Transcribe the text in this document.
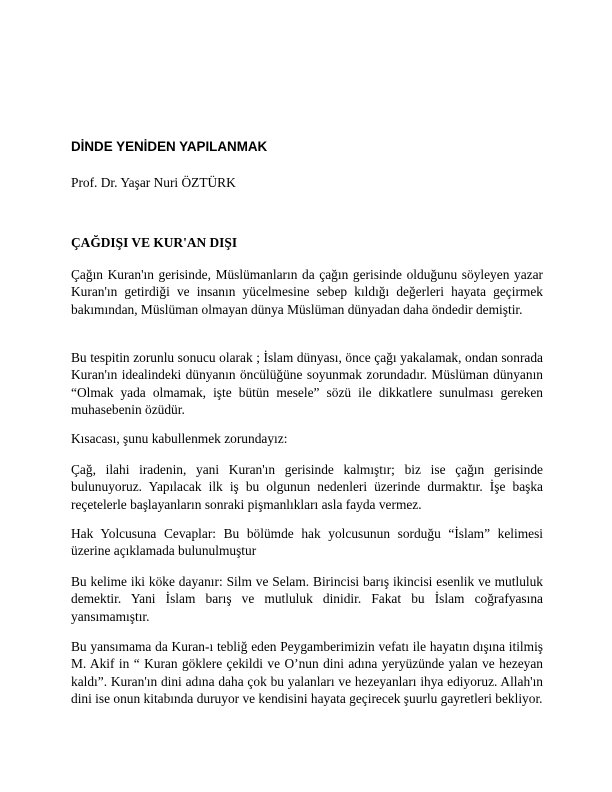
DİNDE YENİDEN YAPILANMAK

Prof. Dr. Yaşar Nuri ÖZTÜRK

ÇAĞDIŞI VE KUR'AN DIŞI

Çağın Kuran'ın gerisinde, Müslümanların da çağın gerisinde olduğunu söyleyen yazar Kuran'ın getirdiği ve insanın yücelmesine sebep kıldığı değerleri hayata geçirmek bakımından, Müslüman olmayan dünya Müslüman dünyadan daha öndedir demiştir.

Bu tespitin zorunlu sonucu olarak ; İslam dünyası, önce çağı yakalamak, ondan sonrada Kuran'ın idealindeki dünyanın öncülüğüne soyunmak zorundadır. Müslüman dünyanın “Olmak yada olmamak, işte bütün mesele” sözü ile dikkatlere sunulması gereken muhasebenin özüdür.

Kısacası, şunu kabullenmek zorundayız:

Çağ, ilahi iradenin, yani Kuran'ın gerisinde kalmıştır; biz ise çağın gerisinde bulunuyoruz. Yapılacak ilk iş bu olgunun nedenleri üzerinde durmaktır. İşe başka reçetelerle başlayanların sonraki pişmanlıkları asla fayda vermez.

Hak Yolcusuna Cevaplar: Bu bölümde hak yolcusunun sorduğu “İslam” kelimesi üzerine açıklamada bulunulmuştur

Bu kelime iki köke dayanır: Silm ve Selam. Birincisi barış ikincisi esenlik ve mutluluk demektir. Yani İslam barış ve mutluluk dinidir. Fakat bu İslam coğrafyasına yansımamıştır.

Bu yansımama da Kuran-ı tebliğ eden Peygamberimizin vefatı ile hayatın dışına itilmiş M. Akif in “ Kuran göklere çekildi ve O’nun dini adına yeryüzünde yalan ve hezeyan kaldı”. Kuran'ın dini adına daha çok bu yalanları ve hezeyanları ihya ediyoruz. Allah'ın dini ise onun kitabında duruyor ve kendisini hayata geçirecek şuurlu gayretleri bekliyor.
